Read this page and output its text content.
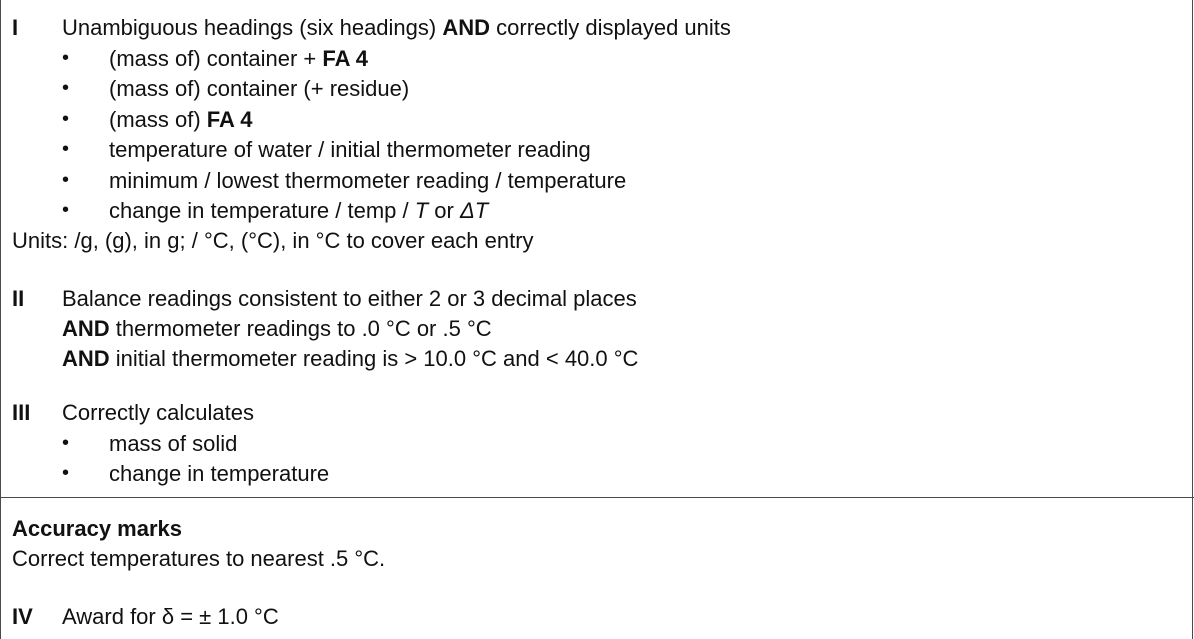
I Unambiguous headings (six headings) AND correctly displayed units
• (mass of) container + FA 4
• (mass of) container (+ residue)
• (mass of) FA 4
• temperature of water / initial thermometer reading
• minimum / lowest thermometer reading / temperature
• change in temperature / temp / T or ΔT
Units: /g, (g), in g; / °C, (°C), in °C to cover each entry
II Balance readings consistent to either 2 or 3 decimal places
AND thermometer readings to .0 °C or .5 °C
AND initial thermometer reading is > 10.0 °C and < 40.0 °C
III Correctly calculates
• mass of solid
• change in temperature
Accuracy marks
Correct temperatures to nearest .5 °C.
IV Award for δ = ± 1.0 °C
